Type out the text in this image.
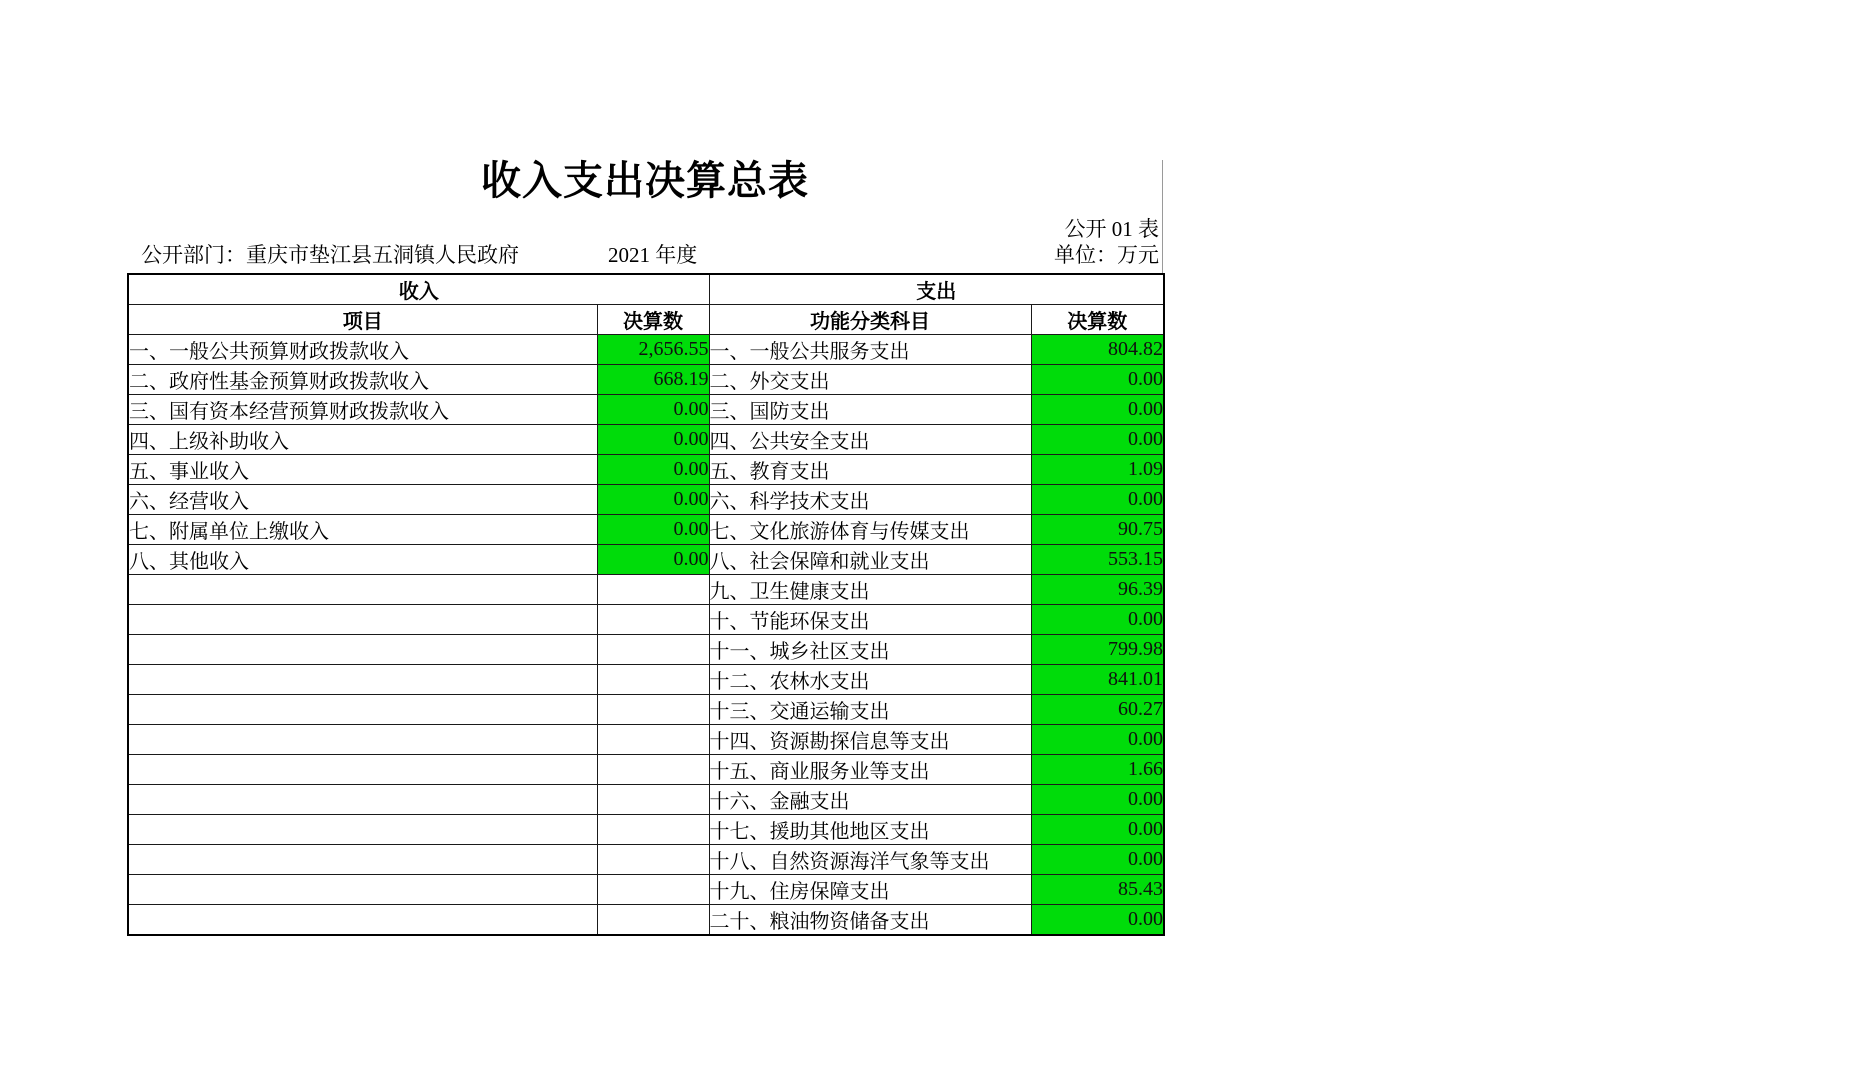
收入支出决算总表
公开 01 表
公开部门：重庆市垫江县五洞镇人民政府	2021 年度	单位：万元
收入		支出	
项目	决算数	功能分类科目	决算数
一、一般公共预算财政拨款收入	2,656.55	一、一般公共服务支出	804.82
二、政府性基金预算财政拨款收入	668.19	二、外交支出	0.00
三、国有资本经营预算财政拨款收入	0.00	三、国防支出	0.00
四、上级补助收入	0.00	四、公共安全支出	0.00
五、事业收入	0.00	五、教育支出	1.09
六、经营收入	0.00	六、科学技术支出	0.00
七、附属单位上缴收入	0.00	七、文化旅游体育与传媒支出	90.75
八、其他收入	0.00	八、社会保障和就业支出	553.15
		九、卫生健康支出	96.39
		十、节能环保支出	0.00
		十一、城乡社区支出	799.98
		十二、农林水支出	841.01
		十三、交通运输支出	60.27
		十四、资源勘探信息等支出	0.00
		十五、商业服务业等支出	1.66
		十六、金融支出	0.00
		十七、援助其他地区支出	0.00
		十八、自然资源海洋气象等支出	0.00
		十九、住房保障支出	85.43
		二十、粮油物资储备支出	0.00
